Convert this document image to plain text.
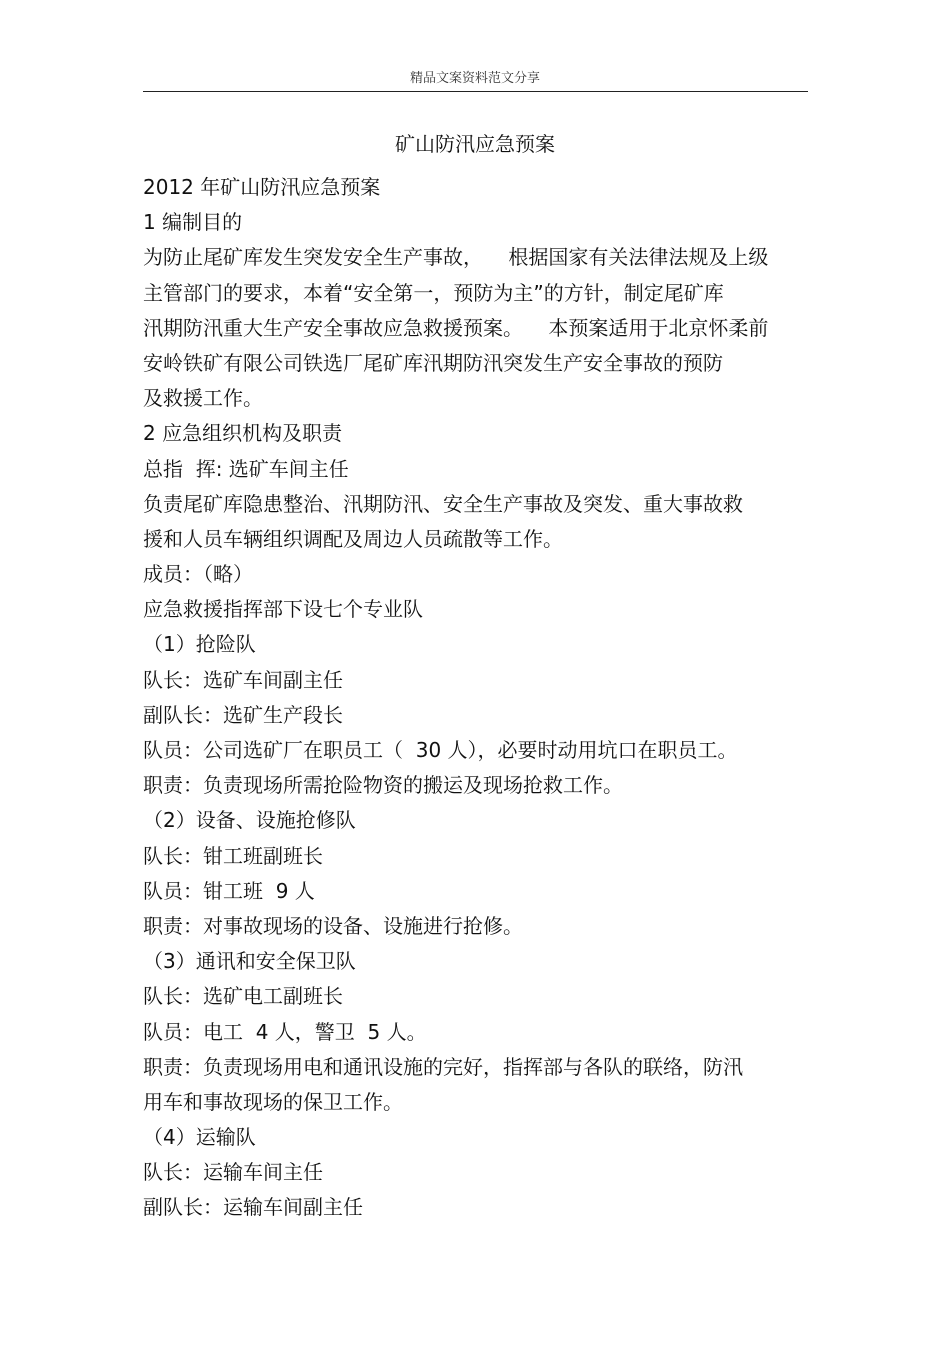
精品文案资料范文分享
矿山防汛应急预案
2012 年矿山防汛应急预案
1 编制目的
为防止尾矿库发生突发安全生产事故，    根据国家有关法律法规及上级
主管部门的要求，本着“安全第一，预防为主”的方针，制定尾矿库
汛期防汛重大生产安全事故应急救援预案。    本预案适用于北京怀柔前
安岭铁矿有限公司铁选厂尾矿库汛期防汛突发生产安全事故的预防
及救援工作。
2 应急组织机构及职责
总指  挥: 选矿车间主任
负责尾矿库隐患整治、汛期防汛、安全生产事故及突发、重大事故救
援和人员车辆组织调配及周边人员疏散等工作。
成员：（略）
应急救援指挥部下设七个专业队
（1）抢险队
队长：选矿车间副主任
副队长：选矿生产段长
队员：公司选矿厂在职员工（  30 人），必要时动用坑口在职员工。
职责：负责现场所需抢险物资的搬运及现场抢救工作。
（2）设备、设施抢修队
队长：钳工班副班长
队员：钳工班  9 人
职责：对事故现场的设备、设施进行抢修。
（3）通讯和安全保卫队
队长：选矿电工副班长
队员：电工  4 人，警卫  5 人。
职责：负责现场用电和通讯设施的完好，指挥部与各队的联络，防汛
用车和事故现场的保卫工作。
（4）运输队
队长：运输车间主任
副队长：运输车间副主任
